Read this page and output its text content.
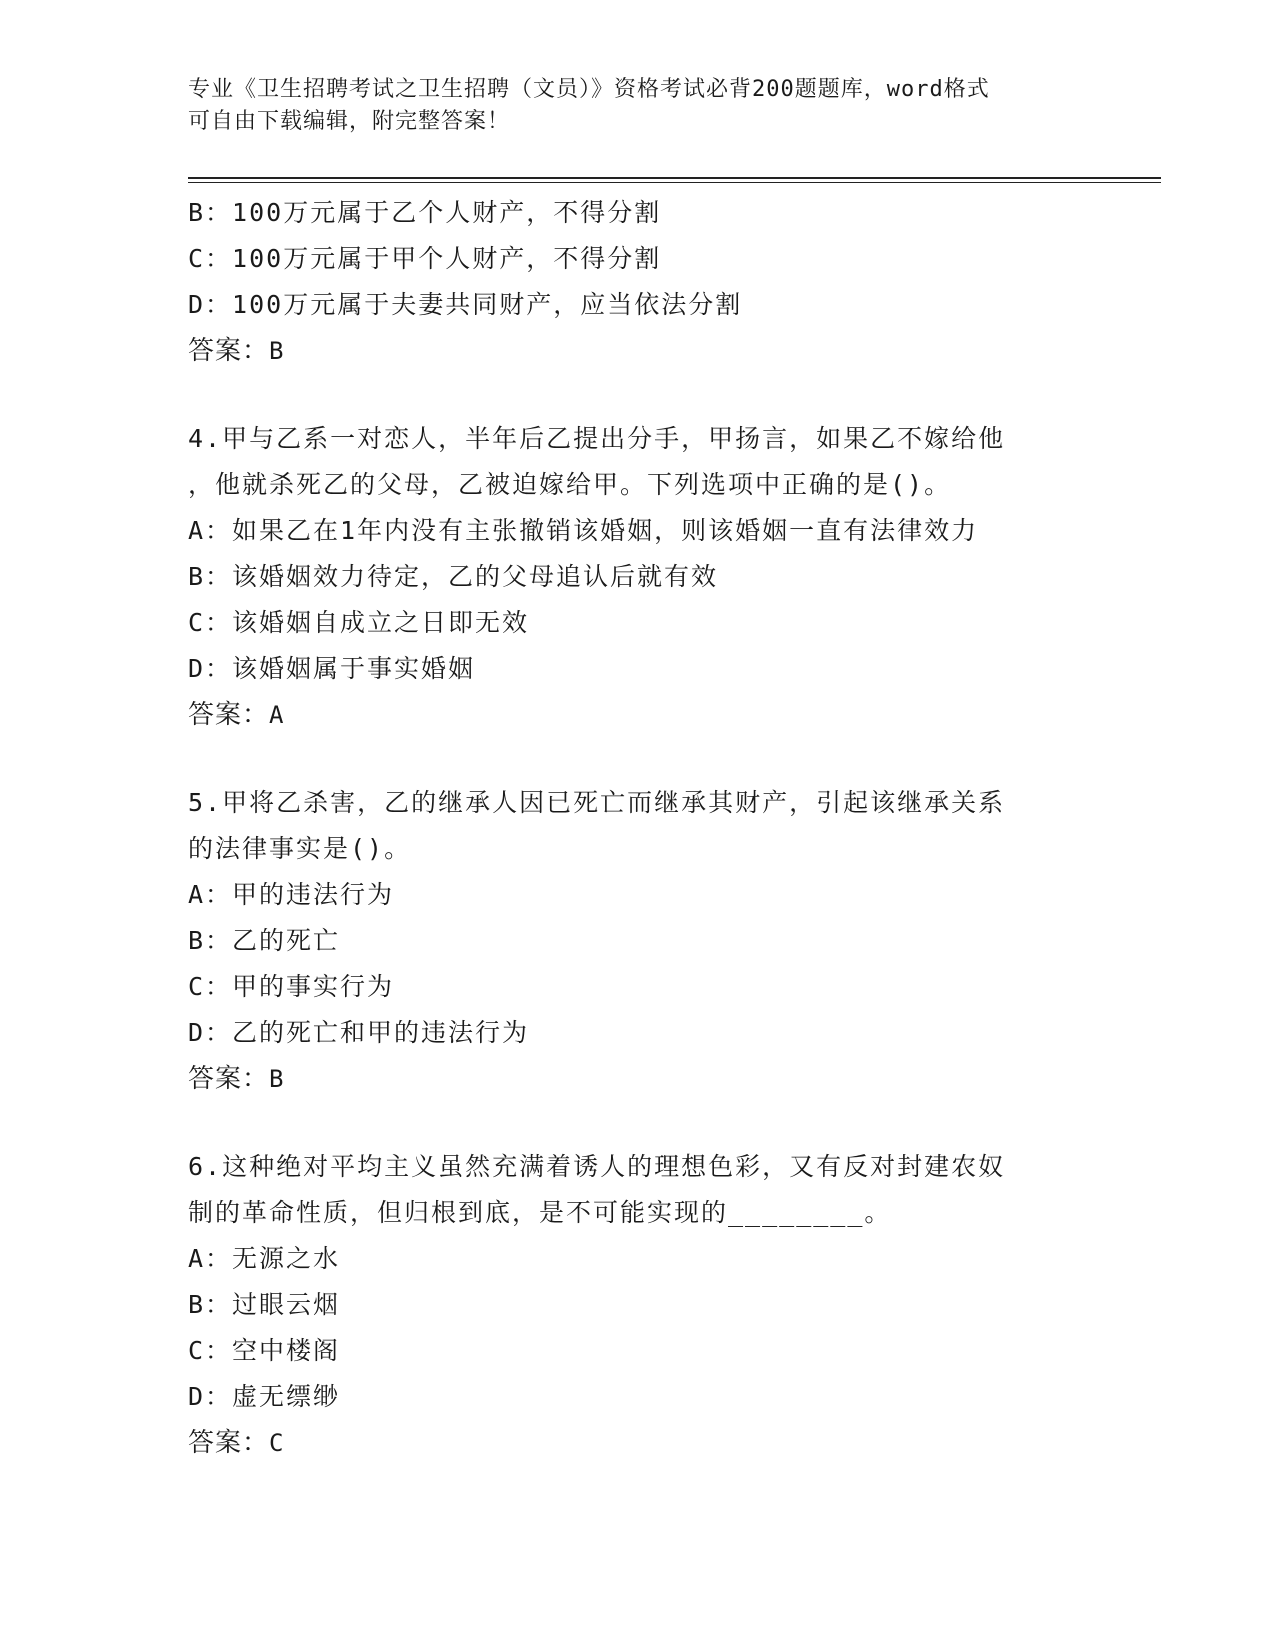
专业《卫生招聘考试之卫生招聘（文员）》资格考试必背200题题库，word格式

可自由下载编辑，附完整答案！

B：100万元属于乙个人财产，不得分割
C：100万元属于甲个人财产，不得分割
D：100万元属于夫妻共同财产，应当依法分割
答案：B
4.甲与乙系一对恋人，半年后乙提出分手，甲扬言，如果乙不嫁给他
，他就杀死乙的父母，乙被迫嫁给甲。下列选项中正确的是()。
A：如果乙在1年内没有主张撤销该婚姻，则该婚姻一直有法律效力
B：该婚姻效力待定，乙的父母追认后就有效
C：该婚姻自成立之日即无效
D：该婚姻属于事实婚姻
答案：A
5.甲将乙杀害，乙的继承人因已死亡而继承其财产，引起该继承关系
的法律事实是()。
A：甲的违法行为
B：乙的死亡
C：甲的事实行为
D：乙的死亡和甲的违法行为
答案：B
6.这种绝对平均主义虽然充满着诱人的理想色彩，又有反对封建农奴
制的革命性质，但归根到底，是不可能实现的________。
A：无源之水
B：过眼云烟
C：空中楼阁
D：虚无缥缈
答案：C
